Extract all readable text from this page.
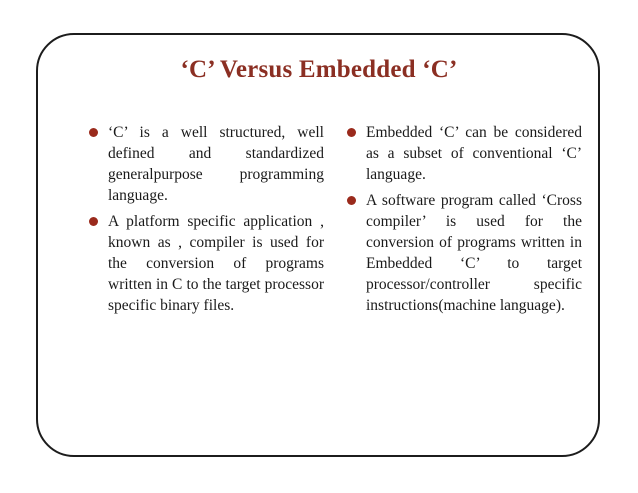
‘C’ Versus Embedded ‘C’
‘C’ is a well structured, well defined and standardized generalpurpose programming language.
A platform specific application , known as , compiler is used for the conversion of programs written in C to the target processor specific binary files.
Embedded ‘C’ can be considered as a subset of conventional ‘C’ language.
A software program called ‘Cross compiler’ is used for the conversion of programs written in Embedded ‘C’ to target processor/controller specific instructions(machine language).
